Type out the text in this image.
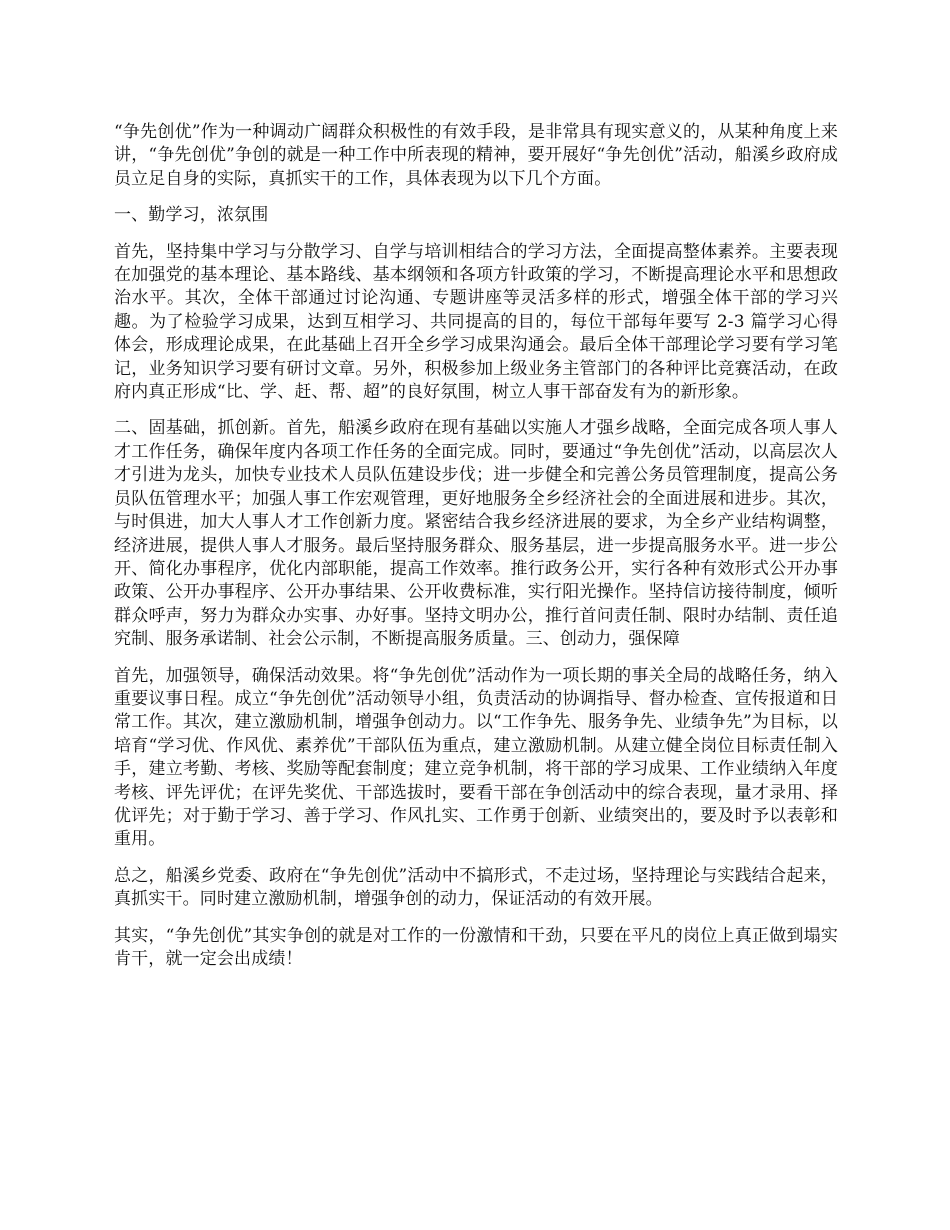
“争先创优”作为一种调动广阔群众积极性的有效手段，是非常具有现实意义的，从某种角度上来讲，“争先创优”争创的就是一种工作中所表现的精神，要开展好“争先创优”活动，船溪乡政府成员立足自身的实际，真抓实干的工作，具体表现为以下几个方面。

一、勤学习，浓氛围

首先，坚持集中学习与分散学习、自学与培训相结合的学习方法，全面提高整体素养。主要表现在加强党的基本理论、基本路线、基本纲领和各项方针政策的学习，不断提高理论水平和思想政治水平。其次，全体干部通过讨论沟通、专题讲座等灵活多样的形式，增强全体干部的学习兴趣。为了检验学习成果，达到互相学习、共同提高的目的，每位干部每年要写 2-3 篇学习心得体会，形成理论成果，在此基础上召开全乡学习成果沟通会。最后全体干部理论学习要有学习笔记，业务知识学习要有研讨文章。另外，积极参加上级业务主管部门的各种评比竞赛活动，在政府内真正形成“比、学、赶、帮、超”的良好氛围，树立人事干部奋发有为的新形象。

二、固基础，抓创新。首先，船溪乡政府在现有基础以实施人才强乡战略，全面完成各项人事人才工作任务，确保年度内各项工作任务的全面完成。同时，要通过“争先创优”活动，以高层次人才引进为龙头，加快专业技术人员队伍建设步伐；进一步健全和完善公务员管理制度，提高公务员队伍管理水平；加强人事工作宏观管理，更好地服务全乡经济社会的全面进展和进步。其次，与时俱进，加大人事人才工作创新力度。紧密结合我乡经济进展的要求，为全乡产业结构调整，经济进展，提供人事人才服务。最后坚持服务群众、服务基层，进一步提高服务水平。进一步公开、简化办事程序，优化内部职能，提高工作效率。推行政务公开，实行各种有效形式公开办事政策、公开办事程序、公开办事结果、公开收费标准，实行阳光操作。坚持信访接待制度，倾听群众呼声，努力为群众办实事、办好事。坚持文明办公，推行首问责任制、限时办结制、责任追究制、服务承诺制、社会公示制，不断提高服务质量。三、创动力，强保障

首先，加强领导，确保活动效果。将“争先创优”活动作为一项长期的事关全局的战略任务，纳入重要议事日程。成立“争先创优”活动领导小组，负责活动的协调指导、督办检查、宣传报道和日常工作。其次，建立激励机制，增强争创动力。以“工作争先、服务争先、业绩争先”为目标，以培育“学习优、作风优、素养优”干部队伍为重点，建立激励机制。从建立健全岗位目标责任制入手，建立考勤、考核、奖励等配套制度；建立竞争机制，将干部的学习成果、工作业绩纳入年度考核、评先评优；在评先奖优、干部选拔时，要看干部在争创活动中的综合表现，量才录用、择优评先；对于勤于学习、善于学习、作风扎实、工作勇于创新、业绩突出的，要及时予以表彰和重用。

总之，船溪乡党委、政府在“争先创优”活动中不搞形式，不走过场，坚持理论与实践结合起来，真抓实干。同时建立激励机制，增强争创的动力，保证活动的有效开展。

其实，“争先创优”其实争创的就是对工作的一份激情和干劲，只要在平凡的岗位上真正做到塌实肯干，就一定会出成绩！
